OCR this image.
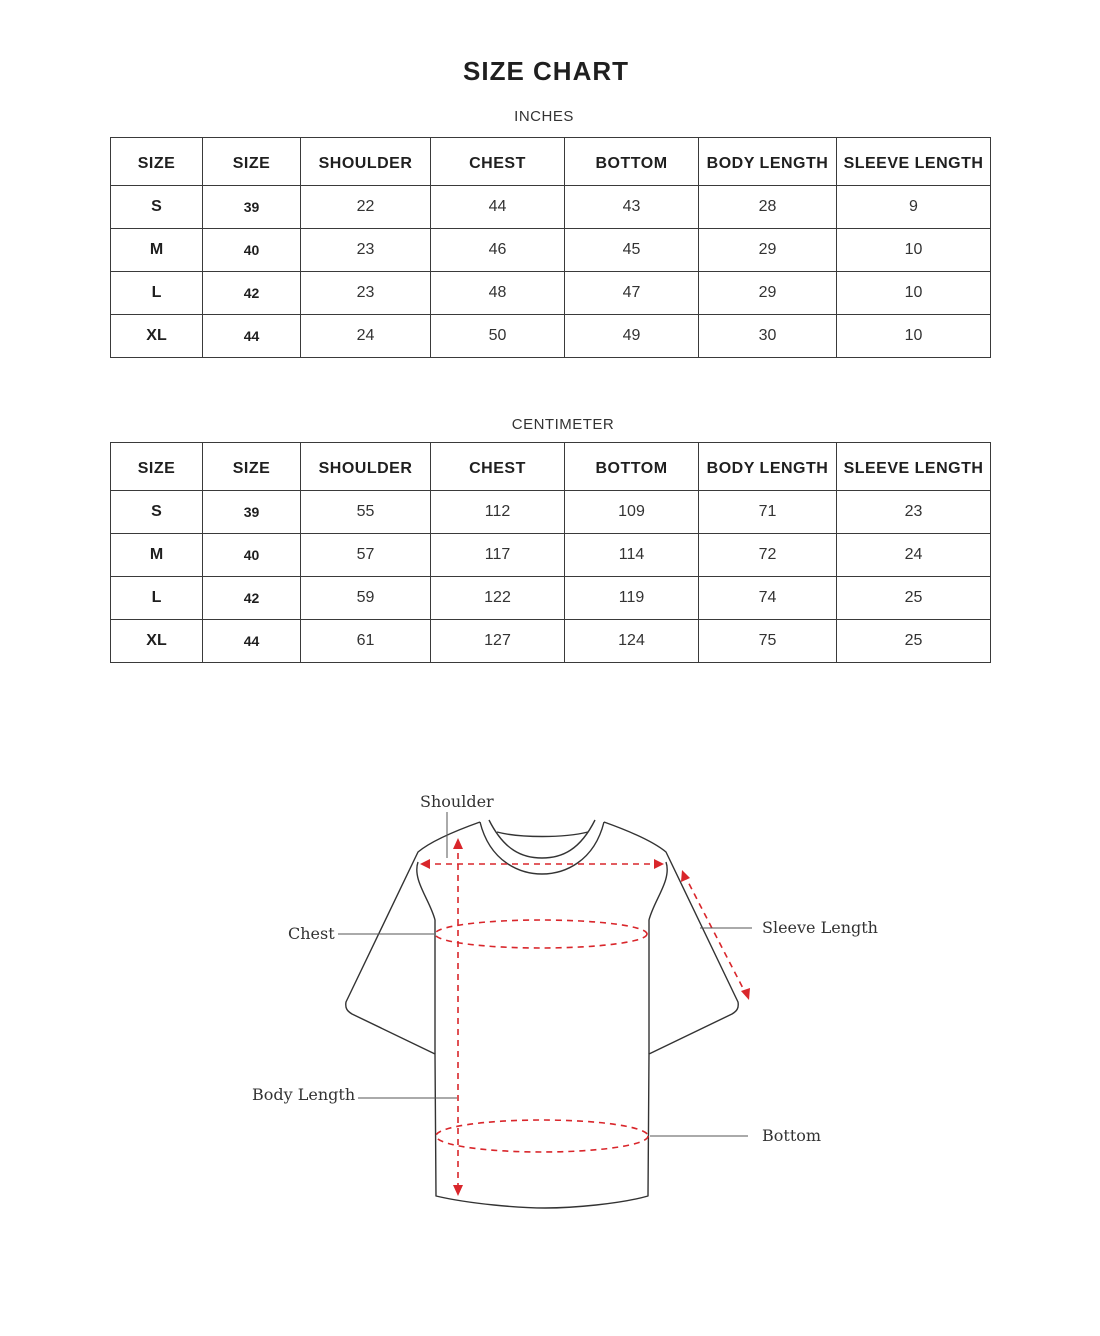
SIZE CHART
INCHES
SIZE	SIZE	SHOULDER	CHEST	BOTTOM	BODY LENGTH	SLEEVE LENGTH
S	39	22	44	43	28	9
M	40	23	46	45	29	10
L	42	23	48	47	29	10
XL	44	24	50	49	30	10
CENTIMETER
SIZE	SIZE	SHOULDER	CHEST	BOTTOM	BODY LENGTH	SLEEVE LENGTH
S	39	55	112	109	71	23
M	40	57	117	114	72	24
L	42	59	122	119	74	25
XL	44	61	127	124	75	25
Shoulder
Chest	Sleeve Length
Body Length
Bottom
